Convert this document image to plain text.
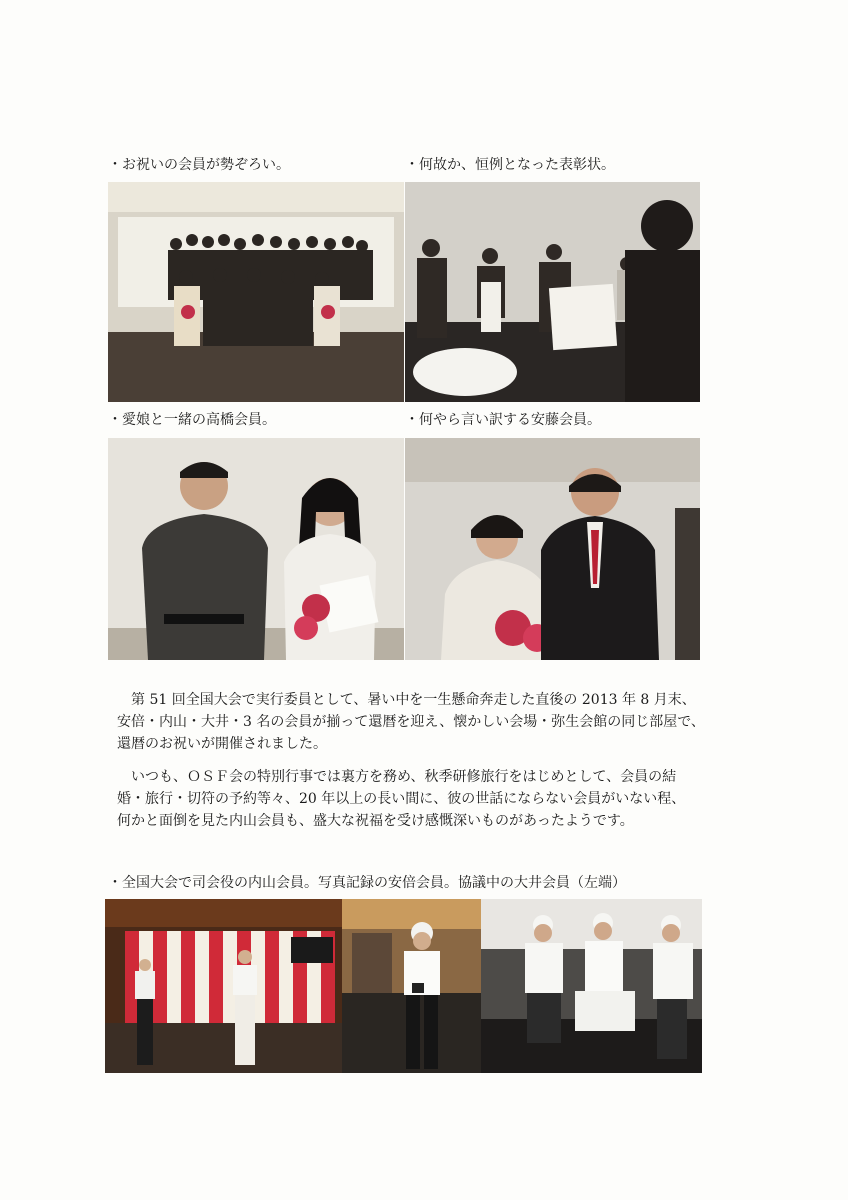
・お祝いの会員が勢ぞろい。	・何故か、恒例となった表彰状。
・愛娘と一緒の高橋会員。	・何やら言い訳する安藤会員。

第 51 回全国大会で実行委員として、暑い中を一生懸命奔走した直後の 2013 年 8 月末、

安倍・内山・大井・3 名の会員が揃って還暦を迎え、懐かしい会場・弥生会館の同じ部屋で、

還暦のお祝いが開催されました。

いつも、ＯＳＦ会の特別行事では裏方を務め、秋季研修旅行をはじめとして、会員の結

婚・旅行・切符の予約等々、20 年以上の長い間に、彼の世話にならない会員がいない程、

何かと面倒を見た内山会員も、盛大な祝福を受け感慨深いものがあったようです。

・全国大会で司会役の内山会員。写真記録の安倍会員。協議中の大井会員（左端）
